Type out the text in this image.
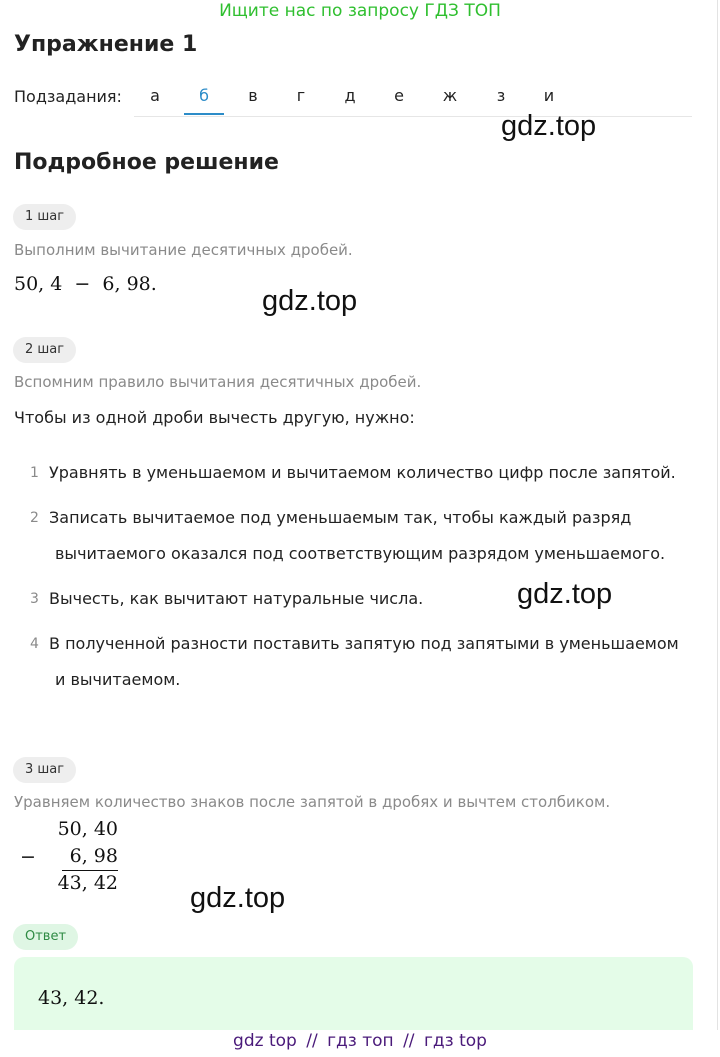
Ищите нас по запросу ГДЗ ТОП
Упражнение 1
Подзадания:	а	б	в	г	д	е	ж	з	и
gdz.top
Подробное решение
1 шаг
Выполним вычитание десятичных дробей.
50, 4  −  6, 98.
gdz.top
2 шаг
Вспомним правило вычитания десятичных дробей.
Чтобы из одной дроби вычесть другую, нужно:
1 Уравнять в уменьшаемом и вычитаемом количество цифр после запятой.
2 Записать вычитаемое под уменьшаемым так, чтобы каждый разряд
вычитаемого оказался под соответствующим разрядом уменьшаемого.
3 Вычесть, как вычитают натуральные числа.	gdz.top
4 В полученной разности поставить запятую под запятыми в уменьшаемом
и вычитаемом.
3 шаг
Уравняем количество знаков после запятой в дробях и вычтем столбиком.
50, 40
− 6, 98
43, 42 gdz.top
Ответ
43, 42.
gdz top // гдз топ // гдз top
